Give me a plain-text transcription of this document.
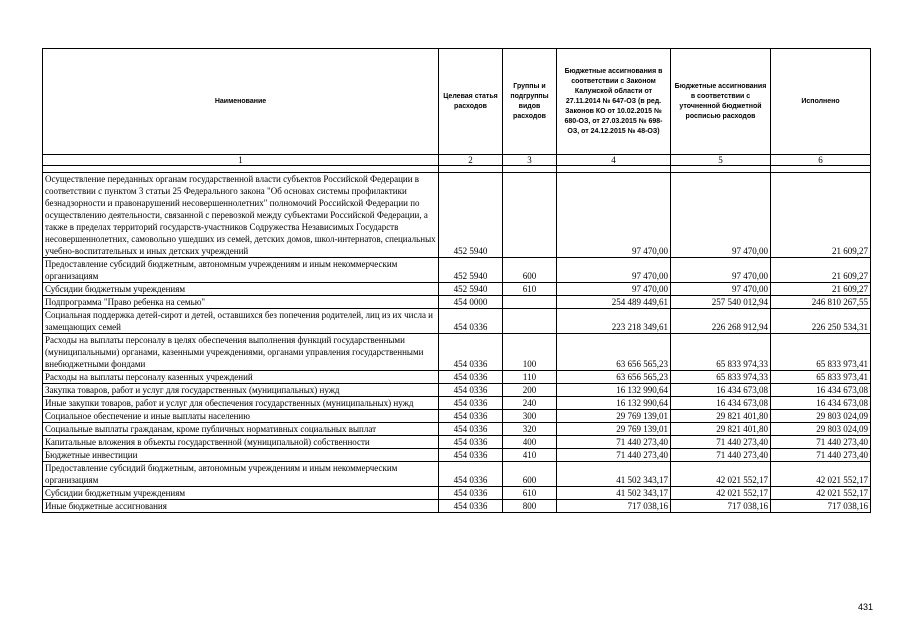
Наименование	Целевая статья расходов	Группы и подгруппы видов расходов	Бюджетные ассигнования в соответствии с Законом Калужской области от 27.11.2014 № 647-ОЗ (в ред. Законов КО от 10.02.2015 № 680-ОЗ, от 27.03.2015 № 698-ОЗ, от 24.12.2015 № 48-ОЗ)	Бюджетные ассигнования в соответствии с уточненной бюджетной росписью расходов	Исполнено
1	2	3	4	5	6

Осуществление переданных органам государственной власти субъектов Российской Федерации в соответствии с пунктом 3 статьи 25 Федерального закона "Об основах системы профилактики безнадзорности и правонарушений несовершеннолетних" полномочий Российской Федерации по осуществлению деятельности, связанной с перевозкой между субъектами Российской Федерации, а также в пределах территорий государств-участников Содружества Независимых Государств несовершеннолетних, самовольно ушедших из семей, детских домов, школ-интернатов, специальных учебно-воспитательных и иных детских учреждений	452 5940		97 470,00	97 470,00	21 609,27
Предоставление субсидий бюджетным, автономным учреждениям и иным некоммерческим организациям	452 5940	600	97 470,00	97 470,00	21 609,27
Субсидии бюджетным учреждениям	452 5940	610	97 470,00	97 470,00	21 609,27
Подпрограмма "Право ребенка на семью"	454 0000		254 489 449,61	257 540 012,94	246 810 267,55
Социальная поддержка детей-сирот и детей, оставшихся без попечения родителей, лиц из их числа и замещающих семей	454 0336		223 218 349,61	226 268 912,94	226 250 534,31
Расходы на выплаты персоналу в целях обеспечения выполнения функций государственными (муниципальными) органами, казенными учреждениями, органами управления государственными внебюджетными фондами	454 0336	100	63 656 565,23	65 833 974,33	65 833 973,41
Расходы на выплаты персоналу казенных учреждений	454 0336	110	63 656 565,23	65 833 974,33	65 833 973,41
Закупка товаров, работ и услуг для государственных (муниципальных) нужд	454 0336	200	16 132 990,64	16 434 673,08	16 434 673,08
Иные закупки товаров, работ и услуг для обеспечения государственных (муниципальных) нужд	454 0336	240	16 132 990,64	16 434 673,08	16 434 673,08
Социальное обеспечение и иные выплаты населению	454 0336	300	29 769 139,01	29 821 401,80	29 803 024,09
Социальные выплаты гражданам, кроме публичных нормативных социальных выплат	454 0336	320	29 769 139,01	29 821 401,80	29 803 024,09
Капитальные вложения в объекты государственной (муниципальной) собственности	454 0336	400	71 440 273,40	71 440 273,40	71 440 273,40
Бюджетные инвестиции	454 0336	410	71 440 273,40	71 440 273,40	71 440 273,40
Предоставление субсидий бюджетным, автономным учреждениям и иным некоммерческим организациям	454 0336	600	41 502 343,17	42 021 552,17	42 021 552,17
Субсидии бюджетным учреждениям	454 0336	610	41 502 343,17	42 021 552,17	42 021 552,17
Иные бюджетные ассигнования	454 0336	800	717 038,16	717 038,16	717 038,16
431
